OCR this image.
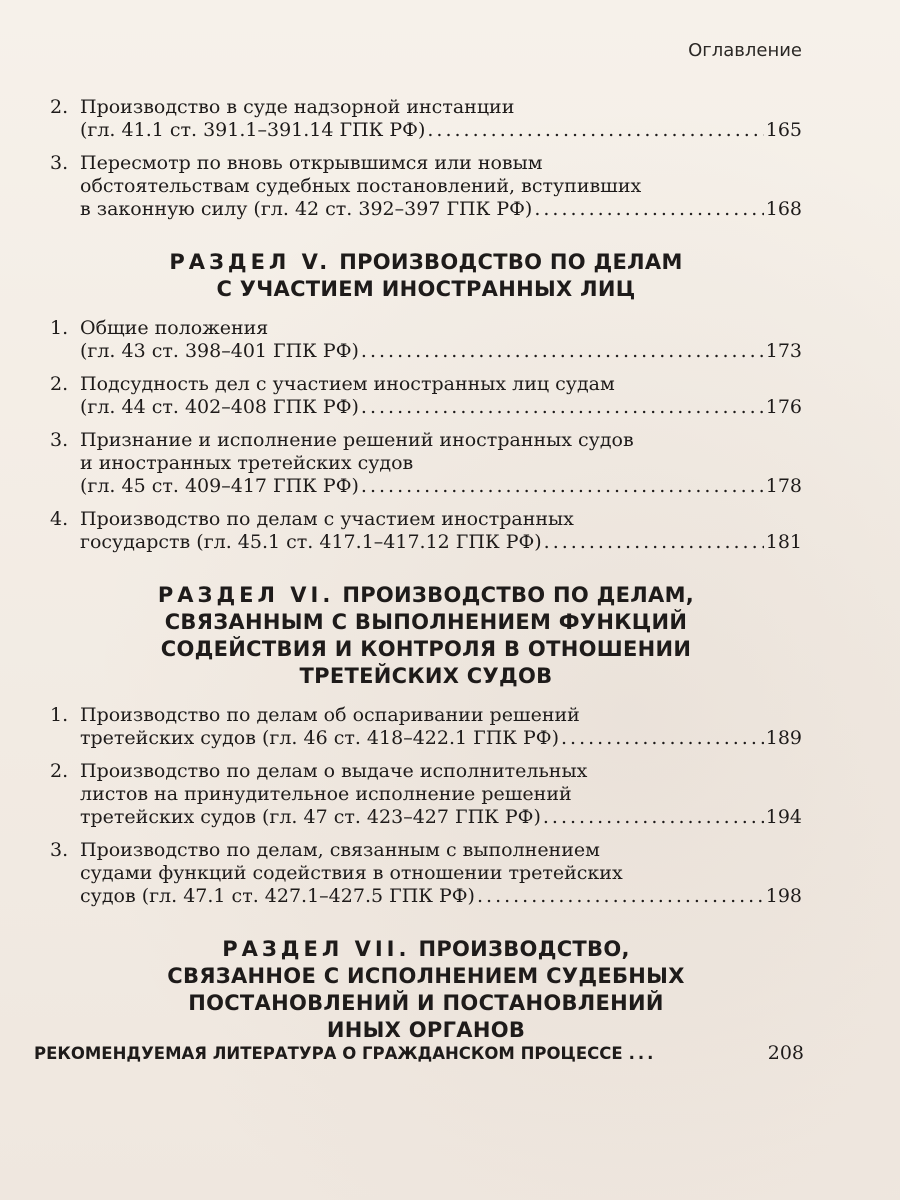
Оглавление
2. Производство в суде надзорной инстанции
(гл. 41.1 ст. 391.1–391.14 ГПК РФ) .....	165
3. Пересмотр по вновь открывшимся или новым
обстоятельствам судебных постановлений, вступивших
в законную силу (гл. 42 ст. 392–397 ГПК РФ) .....	168
РАЗДЕЛ V. ПРОИЗВОДСТВО ПО ДЕЛАМ
С УЧАСТИЕМ ИНОСТРАННЫХ ЛИЦ
1. Общие положения
(гл. 43 ст. 398–401 ГПК РФ) .....	173
2. Подсудность дел с участием иностранных лиц судам
(гл. 44 ст. 402–408 ГПК РФ) .....	176
3. Признание и исполнение решений иностранных судов
и иностранных третейских судов
(гл. 45 ст. 409–417 ГПК РФ) .....	178
4. Производство по делам с участием иностранных
государств (гл. 45.1 ст. 417.1–417.12 ГПК РФ) .....	181
РАЗДЕЛ VI. ПРОИЗВОДСТВО ПО ДЕЛАМ,
СВЯЗАННЫМ С ВЫПОЛНЕНИЕМ ФУНКЦИЙ
СОДЕЙСТВИЯ И КОНТРОЛЯ В ОТНОШЕНИИ
ТРЕТЕЙСКИХ СУДОВ
1. Производство по делам об оспаривании решений
третейских судов (гл. 46 ст. 418–422.1 ГПК РФ) .....	189
2. Производство по делам о выдаче исполнительных
листов на принудительное исполнение решений
третейских судов (гл. 47 ст. 423–427 ГПК РФ) .....	194
3. Производство по делам, связанным с выполнением
судами функций содействия в отношении третейских
судов (гл. 47.1 ст. 427.1–427.5 ГПК РФ) .....	198
РАЗДЕЛ VII. ПРОИЗВОДСТВО,
СВЯЗАННОЕ С ИСПОЛНЕНИЕМ СУДЕБНЫХ
ПОСТАНОВЛЕНИЙ И ПОСТАНОВЛЕНИЙ
ИНЫХ ОРГАНОВ
РЕКОМЕНДУЕМАЯ ЛИТЕРАТУРА О ГРАЖДАНСКОМ ПРОЦЕССЕ ...	208
